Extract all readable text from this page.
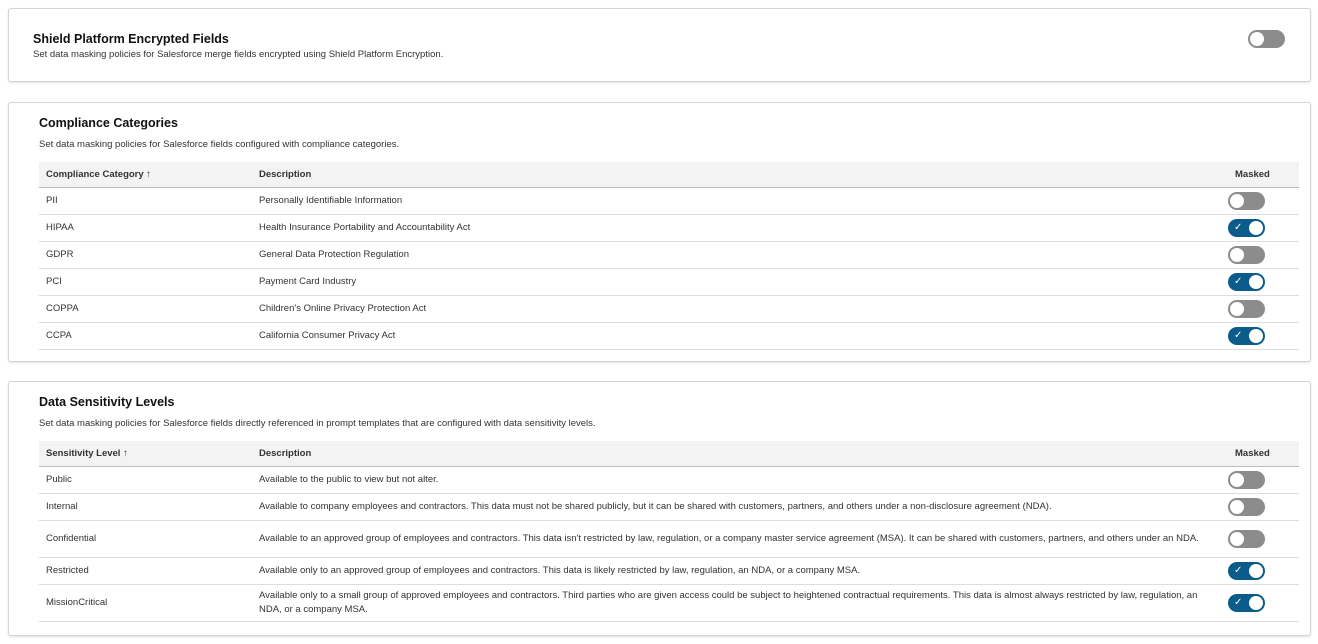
Shield Platform Encrypted Fields
Set data masking policies for Salesforce merge fields encrypted using Shield Platform Encryption.
Compliance Categories
Set data masking policies for Salesforce fields configured with compliance categories.
Compliance Category ↑	Description	Masked
PII	Personally Identifiable Information	

HIPAA	Health Insurance Portability and Accountability Act	✓

GDPR	General Data Protection Regulation	

PCI	Payment Card Industry	✓

COPPA	Children's Online Privacy Protection Act	

CCPA	California Consumer Privacy Act	✓
Data Sensitivity Levels
Set data masking policies for Salesforce fields directly referenced in prompt templates that are configured with data sensitivity levels.
Sensitivity Level ↑	Description	Masked
Public	Available to the public to view but not alter.	

Internal	Available to company employees and contractors. This data must not be shared publicly, but it can be shared with customers, partners, and others under a non-disclosure agreement (NDA).	

Confidential	Available to an approved group of employees and contractors. This data isn't restricted by law, regulation, or a company master service agreement (MSA). It can be shared with customers, partners, and others under an NDA.	

Restricted	Available only to an approved group of employees and contractors. This data is likely restricted by law, regulation, an NDA, or a company MSA.	✓

MissionCritical	Available only to a small group of approved employees and contractors. Third parties who are given access could be subject to heightened contractual requirements. This data is almost always restricted by law, regulation, an NDA, or a company MSA.	✓
